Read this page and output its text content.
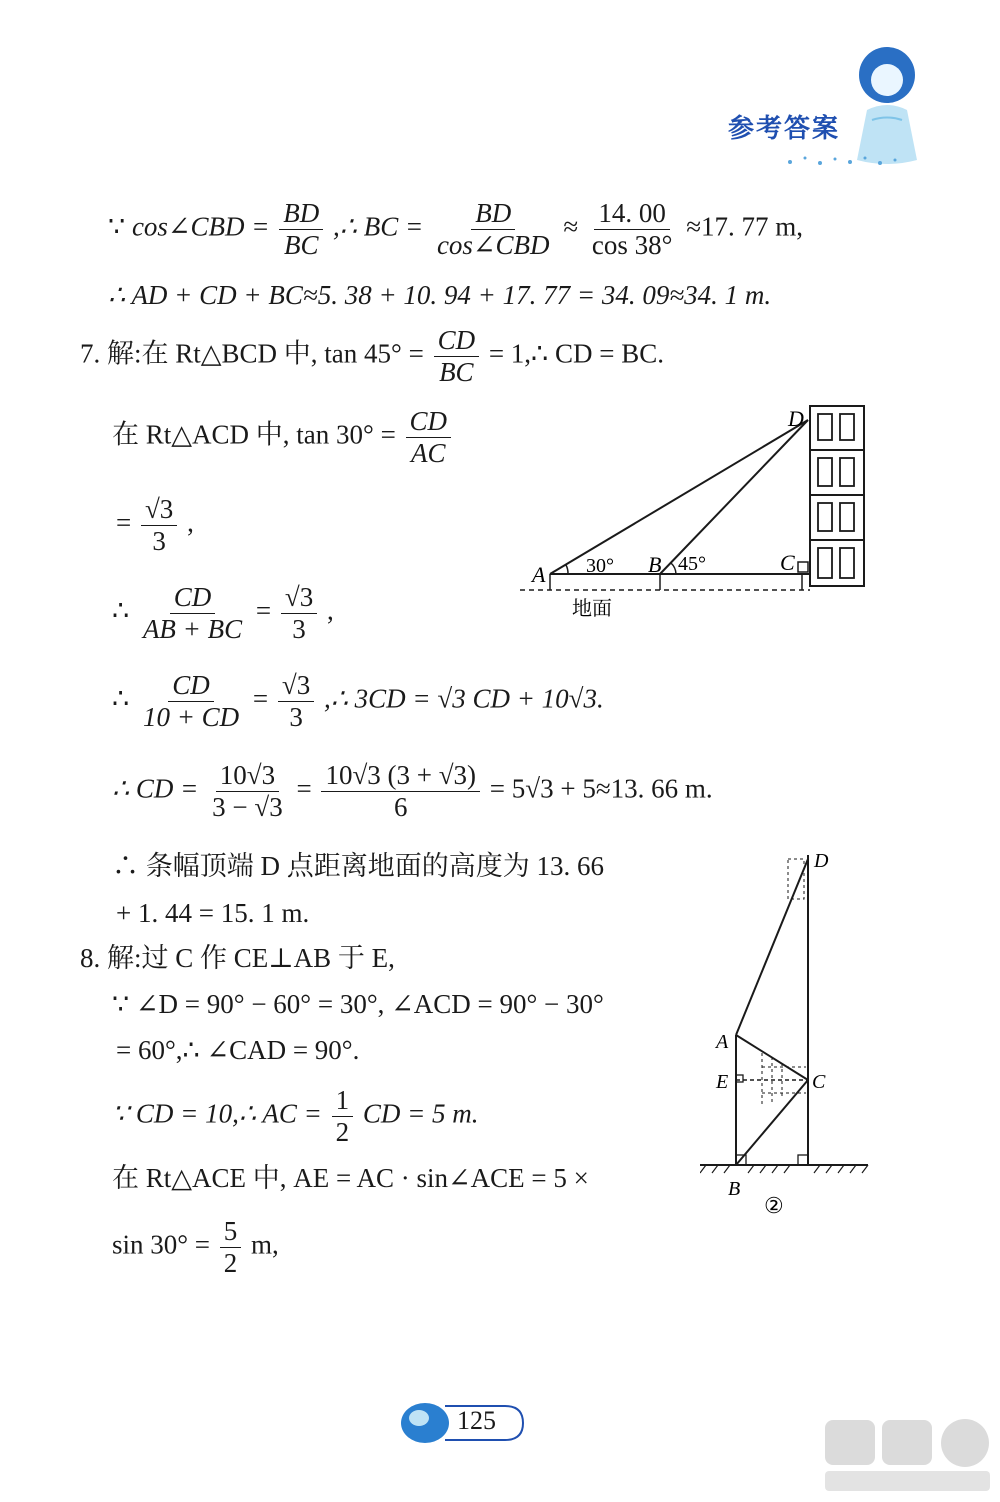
参考答案
∵ cos∠CBD = $\frac{BD}{BC}$ ,∴ BC = $\frac{BD}{\text{cos∠CBD}} \approx \frac{14. 00}{\cos 38^\circ} \approx 17$. 77 m,
∴ AD + CD + BC≈5. 38 + 10. 94 + 17. 77 = 34. 09≈34. 1 m.
7. 解:在 Rt△BCD 中, $\tan 45^\circ = \frac{CD}{BC}$ = 1,∴ CD = BC.
在 Rt△ACD 中, $\tan 30^\circ = \frac{CD}{AC}$
= $\frac{√3}{3}$ ,
∴ $\frac{CD}{AB + BC} = \frac{√3}{3}$ ,
∴ $\frac{CD}{10 + CD} = \frac{√3}{3}$ ,∴ 3CD = √3 CD + 10√3.
∴ CD = $\frac{10√3}{3 - √3} = \frac{10√3 (3 + √3)}{6} = 5√3 + 5\approx 13$. 66 m.
∴ 条幅顶端 D 点距离地面的高度为 13. 66
+ 1. 44 = 15. 1 m.
8. 解:过 C 作 CE⊥AB 于 E,
∵ ∠D = 90° − 60° = 30°, ∠ACD = 90° − 30°
= 60°,∴ ∠CAD = 90°.
∵ CD = 10,∴ AC = $\frac{1}{2}$ CD = 5 m.
在 Rt△ACE 中, AE = AC · sin∠ACE = 5 ×
$\sin 30^\circ = \frac{5}{2} m$,
A	B	C
D
30°	45°
地面
A
B
C
D
E
②
125
